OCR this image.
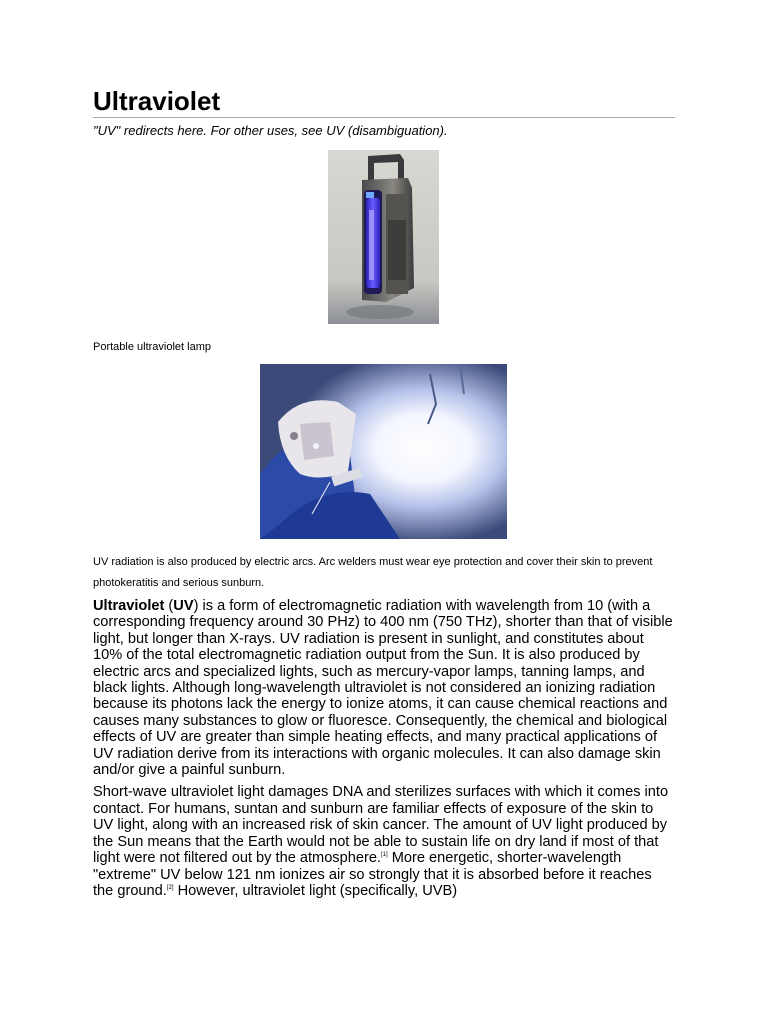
Ultraviolet

"UV" redirects here. For other uses, see UV (disambiguation).

Portable ultraviolet lamp
UV radiation is also produced by electric arcs. Arc welders must wear eye protection and cover their skin to prevent photokeratitis and serious sunburn.

Ultraviolet (UV) is a form of electromagnetic radiation with wavelength from 10 (with a corresponding frequency around 30 PHz) to 400 nm (750 THz), shorter than that of visible light, but longer than X-rays. UV radiation is present in sunlight, and constitutes about 10% of the total electromagnetic radiation output from the Sun. It is also produced by electric arcs and specialized lights, such as mercury-vapor lamps, tanning lamps, and black lights. Although long-wavelength ultraviolet is not considered an ionizing radiation because its photons lack the energy to ionize atoms, it can cause chemical reactions and causes many substances to glow or fluoresce. Consequently, the chemical and biological effects of UV are greater than simple heating effects, and many practical applications of UV radiation derive from its interactions with organic molecules. It can also damage skin and/or give a painful sunburn.

Short-wave ultraviolet light damages DNA and sterilizes surfaces with which it comes into contact. For humans, suntan and sunburn are familiar effects of exposure of the skin to UV light, along with an increased risk of skin cancer. The amount of UV light produced by the Sun means that the Earth would not be able to sustain life on dry land if most of that light were not filtered out by the atmosphere.[1] More energetic, shorter-wavelength "extreme" UV below 121 nm ionizes air so strongly that it is absorbed before it reaches the ground.[2] However, ultraviolet light (specifically, UVB)
